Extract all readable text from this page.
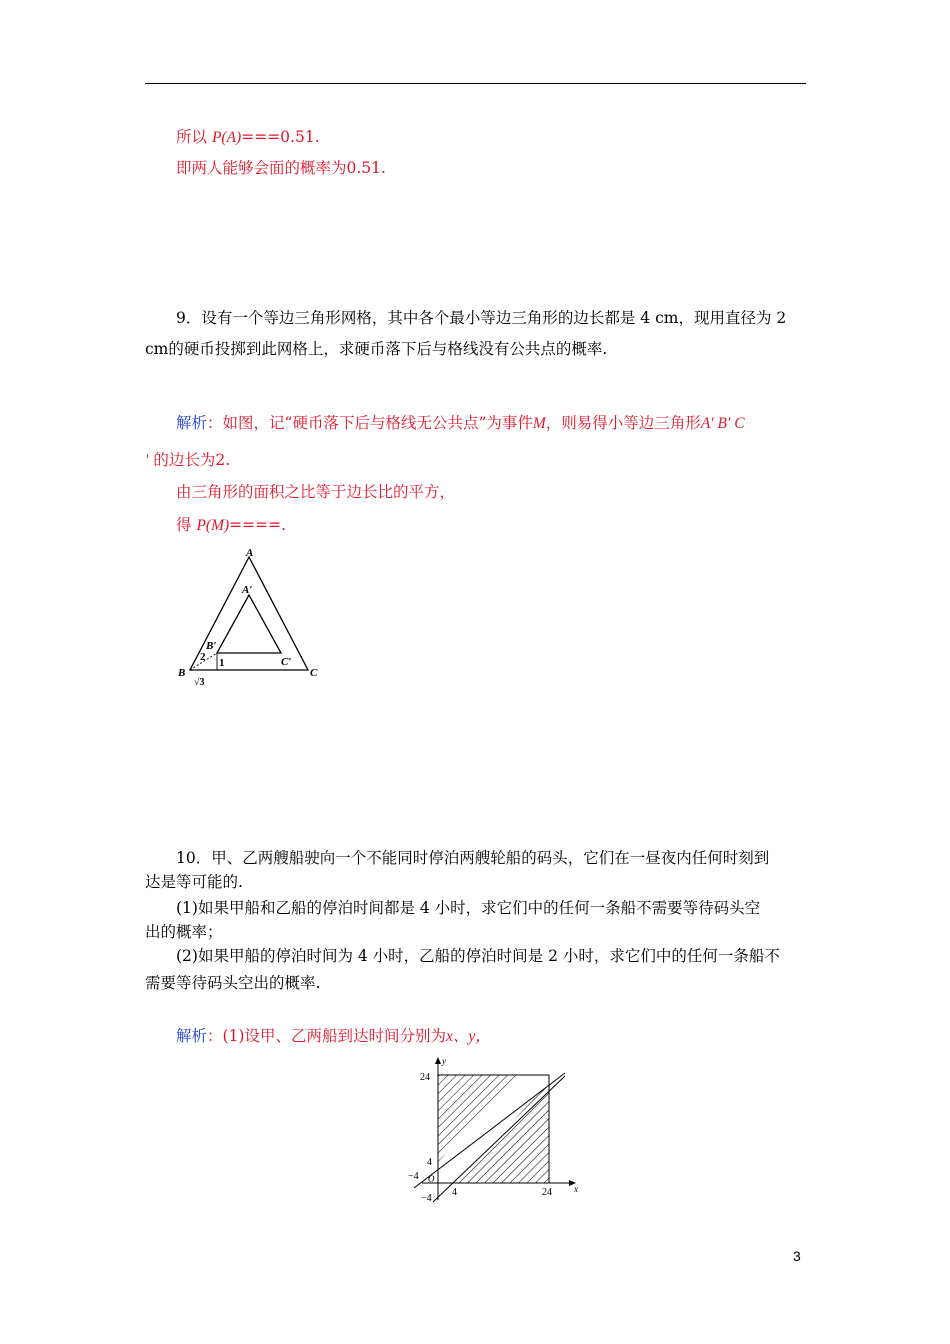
所以 P(A)===0.51.
即两人能够会面的概率为0.51.
9．设有一个等边三角形网格，其中各个最小等边三角形的边长都是 4 cm，现用直径为 2
cm的硬币投掷到此网格上，求硬币落下后与格线没有公共点的概率.
解析：如图，记“硬币落下后与格线无公共点”为事件M，则易得小等边三角形A′ B′ C
′ 的边长为2.
由三角形的面积之比等于边长比的平方，
得 P(M)====.
A
A′
B
B′
C
C′
2 1
√3
10．甲、乙两艘船驶向一个不能同时停泊两艘轮船的码头，它们在一昼夜内任何时刻到
达是等可能的.
(1)如果甲船和乙船的停泊时间都是 4 小时，求它们中的任何一条船不需要等待码头空
出的概率；
(2)如果甲船的停泊时间为 4 小时，乙船的停泊时间是 2 小时，求它们中的任何一条船不
需要等待码头空出的概率.
解析：(1)设甲、乙两船到达时间分别为x、y，
y
x
O
24
4
−4
−4
4	24
3
